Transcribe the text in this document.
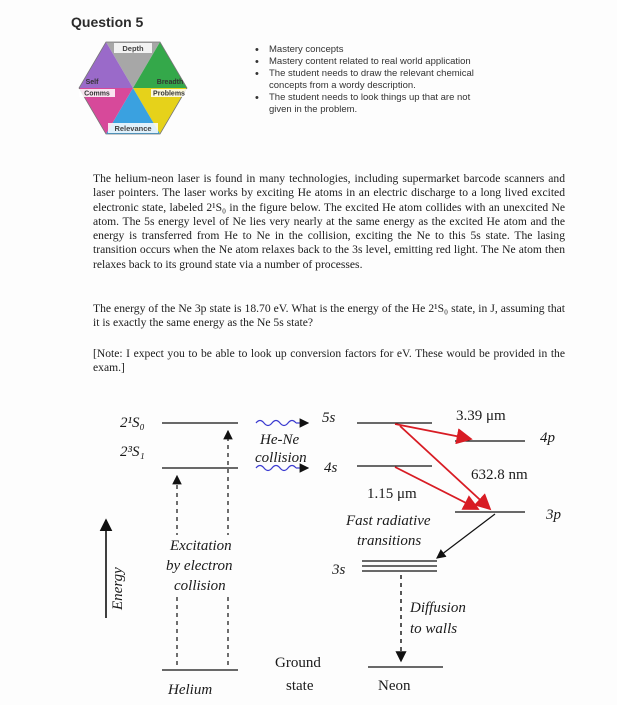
Question 5
Depth
Self
Comms
Breadth
Problems
Relevance
• Mastery concepts
• Mastery content related to real world application
• The student needs to draw the relevant chemical
concepts from a wordy description.
• The student needs to look things up that are not
given in the problem.

The helium-neon laser is found in many technologies, including supermarket barcode scanners and laser pointers. The laser works by exciting He atoms in an electric discharge to a long lived excited electronic state, labeled 2¹S₀ in the figure below. The excited He atom collides with an unexcited Ne atom. The 5s energy level of Ne lies very nearly at the same energy as the excited He atom and the energy is transferred from He to Ne in the collision, exciting the Ne to this 5s state. The lasing transition occurs when the Ne atom relaxes back to the 3s level, emitting red light. The Ne atom then relaxes back to its ground state via a number of processes.

The energy of the Ne 3p state is 18.70 eV. What is the energy of the He 2¹S₀ state, in J, assuming that it is exactly the same energy as the Ne 5s state?

[Note: I expect you to be able to look up conversion factors for eV. These would be provided in the exam.]

Energy
2¹S₀
2³S₁
Excitation
by electron
collision
He-Ne
collision
5s
4s
3s
3.39 μm
632.8 nm
1.15 μm
4p
3p
Fast radiative
transitions
Diffusion
to walls
Ground
state
Helium	Neon
